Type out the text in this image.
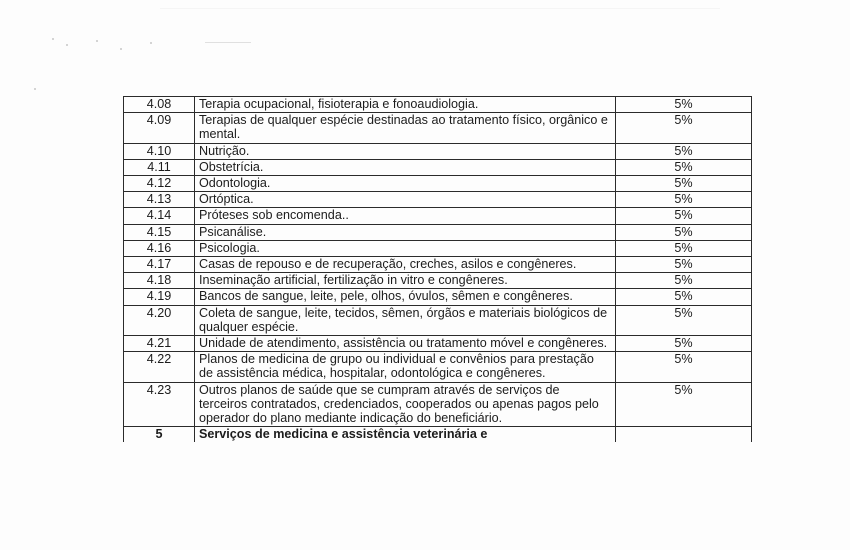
4.08	Terapia ocupacional, fisioterapia e fonoaudiologia.	5%
4.09	Terapias de qualquer espécie destinadas ao tratamento físico, orgânico e mental.	5%
4.10	Nutrição.	5%
4.11	Obstetrícia.	5%
4.12	Odontologia.	5%
4.13	Ortóptica.	5%
4.14	Próteses sob encomenda..	5%
4.15	Psicanálise.	5%
4.16	Psicologia.	5%
4.17	Casas de repouso e de recuperação, creches, asilos e congêneres.	5%
4.18	Inseminação artificial, fertilização in vitro e congêneres.	5%
4.19	Bancos de sangue, leite, pele, olhos, óvulos, sêmen e congêneres.	5%
4.20	Coleta de sangue, leite, tecidos, sêmen, órgãos e materiais biológicos de qualquer espécie.	5%
4.21	Unidade de atendimento, assistência ou tratamento móvel e congêneres.	5%
4.22	Planos de medicina de grupo ou individual e convênios para prestação de assistência médica, hospitalar, odontológica e congêneres.	5%
4.23	Outros planos de saúde que se cumpram através de serviços de terceiros contratados, credenciados, cooperados ou apenas pagos pelo operador do plano mediante indicação do beneficiário.	5%
5	Serviços de medicina e assistência veterinária e	
